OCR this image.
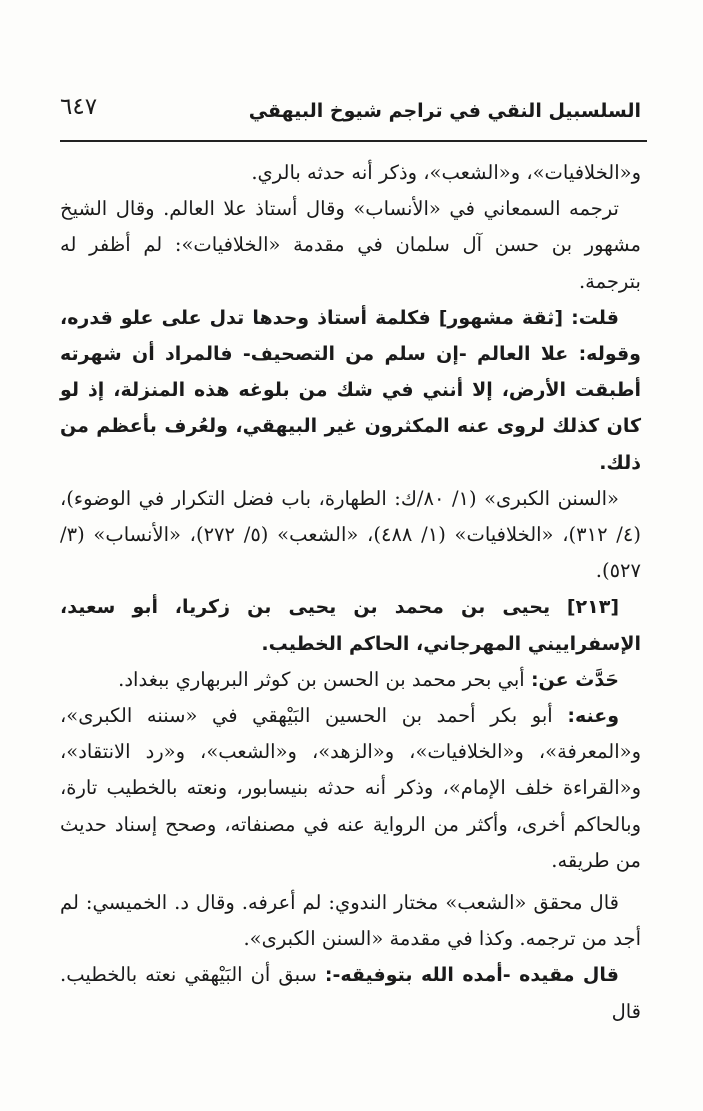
السلسبيل النقي في تراجم شيوخ البيهقي
٦٤٧

و«الخلافيات»، و«الشعب»، وذكر أنه حدثه بالري.

ترجمه السمعاني في «الأنساب» وقال أستاذ علا العالم. وقال الشيخ مشهور بن حسن آل سلمان في مقدمة «الخلافيات»: لم أظفر له بترجمة.

قلت: [ثقة مشهور] فكلمة أستاذ وحدها تدل على علو قدره، وقوله: علا العالم -إن سلم من التصحيف- فالمراد أن شهرته أطبقت الأرض، إلا أنني في شك من بلوغه هذه المنزلة، إذ لو كان كذلك لروى عنه المكثرون غير البيهقي، ولعُرف بأعظم من ذلك.

«السنن الكبرى» (١/ ٨٠/ك: الطهارة، باب فضل التكرار في الوضوء)، (٤/ ٣١٢)، «الخلافيات» (١/ ٤٨٨)، «الشعب» (٥/ ٢٧٢)، «الأنساب» (٣/ ٥٢٧).

[٢١٣] يحيى بن محمد بن يحيى بن زكريا، أبو سعيد، الإسفراييني المهرجاني، الحاكم الخطيب.

حَدَّث عن: أبي بحر محمد بن الحسن بن كوثر البربهاري ببغداد.

وعنه: أبو بكر أحمد بن الحسين البَيْهقي في «سننه الكبرى»، و«المعرفة»، و«الخلافيات»، و«الزهد»، و«الشعب»، و«رد الانتقاد»، و«القراءة خلف الإمام»، وذكر أنه حدثه بنيسابور، ونعته بالخطيب تارة، وبالحاكم أخرى، وأكثر من الرواية عنه في مصنفاته، وصحح إسناد حديث من طريقه.

قال محقق «الشعب» مختار الندوي: لم أعرفه. وقال د. الخميسي: لم أجد من ترجمه. وكذا في مقدمة «السنن الكبرى».

قال مقيده -أمده الله بتوفيقه-: سبق أن البَيْهقي نعته بالخطيب. قال
